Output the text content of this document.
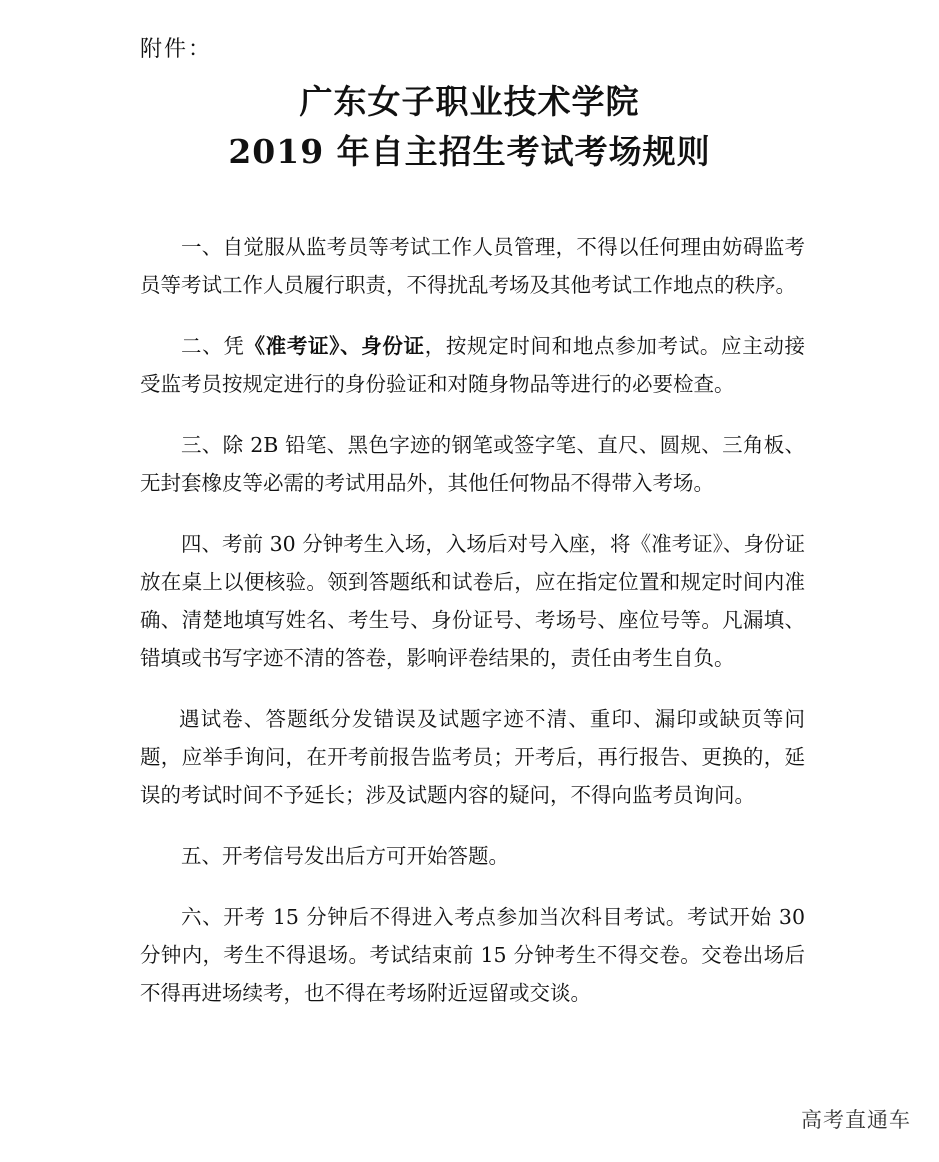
附件：
广东女子职业技术学院
2019 年自主招生考试考场规则

一、自觉服从监考员等考试工作人员管理，不得以任何理由妨碍监考员等考试工作人员履行职责，不得扰乱考场及其他考试工作地点的秩序。

二、凭《准考证》、身份证，按规定时间和地点参加考试。应主动接受监考员按规定进行的身份验证和对随身物品等进行的必要检查。

三、除 2B 铅笔、黑色字迹的钢笔或签字笔、直尺、圆规、三角板、无封套橡皮等必需的考试用品外，其他任何物品不得带入考场。

四、考前 30 分钟考生入场，入场后对号入座，将《准考证》、身份证放在桌上以便核验。领到答题纸和试卷后，应在指定位置和规定时间内准确、清楚地填写姓名、考生号、身份证号、考场号、座位号等。凡漏填、错填或书写字迹不清的答卷，影响评卷结果的，责任由考生自负。

遇试卷、答题纸分发错误及试题字迹不清、重印、漏印或缺页等问题，应举手询问，在开考前报告监考员；开考后，再行报告、更换的，延误的考试时间不予延长；涉及试题内容的疑问，不得向监考员询问。

五、开考信号发出后方可开始答题。

六、开考 15 分钟后不得进入考点参加当次科目考试。考试开始 30 分钟内，考生不得退场。考试结束前 15 分钟考生不得交卷。交卷出场后不得再进场续考，也不得在考场附近逗留或交谈。

高考直通车
